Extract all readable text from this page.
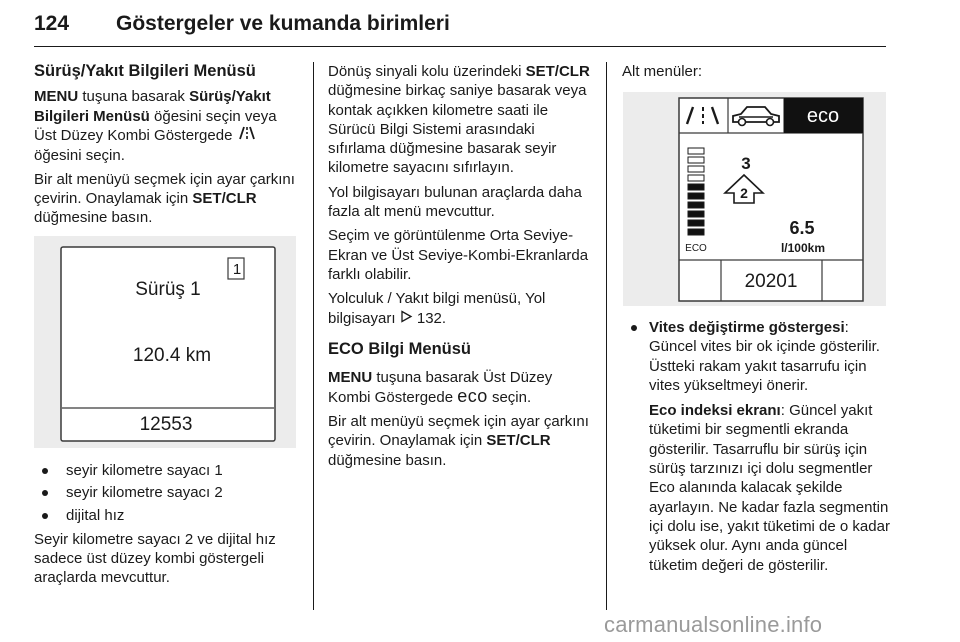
124 Göstergeler ve kumanda birimleri
Sürüş/Yakıt Bilgileri Menüsü

MENU tuşuna basarak Sürüş/Yakıt Bilgileri Menüsü öğesini seçin veya Üst Düzey Kombi Göstergede  öğesini seçin.

Bir alt menüyü seçmek için ayar çarkını çevirin. Onaylamak için SET/CLR düğmesine basın.

1
Sürüş 1
120.4 km
12553
seyir kilometre sayacı 1
seyir kilometre sayacı 2
dijital hız

Seyir kilometre sayacı 2 ve dijital hız sadece üst düzey kombi göstergeli araçlarda mevcuttur.

Dönüş sinyali kolu üzerindeki SET/CLR düğmesine birkaç saniye basarak veya kontak açıkken kilometre saati ile Sürücü Bilgi Sistemi arasındaki sıfırlama düğmesine basarak seyir kilometre sayacını sıfırlayın.

Yol bilgisayarı bulunan araçlarda daha fazla alt menü mevcuttur.

Seçim ve görüntülenme Orta Seviye-Ekran ve Üst Seviye-Kombi-Ekranlarda farklı olabilir.

Yolculuk / Yakıt bilgi menüsü, Yol bilgisayarı  132.

ECO Bilgi Menüsü

MENU tuşuna basarak Üst Düzey Kombi Göstergede eco seçin.

Bir alt menüyü seçmek için ayar çarkını çevirin. Onaylamak için SET/CLR düğmesine basın.

Alt menüler:

eco
ECO
3
2
6.5
l/100km
20201
Vites değiştirme göstergesi: Güncel vites bir ok içinde gösterilir. Üstteki rakam yakıt tasarrufu için vites yükseltmeyi önerir.

Eco indeksi ekranı: Güncel yakıt tüketimi bir segmentli ekranda gösterilir. Tasarruflu bir sürüş için sürüş tarzınızı içi dolu segmentler Eco alanında kalacak şekilde ayarlayın. Ne kadar fazla segmentin içi dolu ise, yakıt tüketimi de o kadar yüksek olur. Aynı anda güncel tüketim değeri de gösterilir.

carmanualsonline.info
